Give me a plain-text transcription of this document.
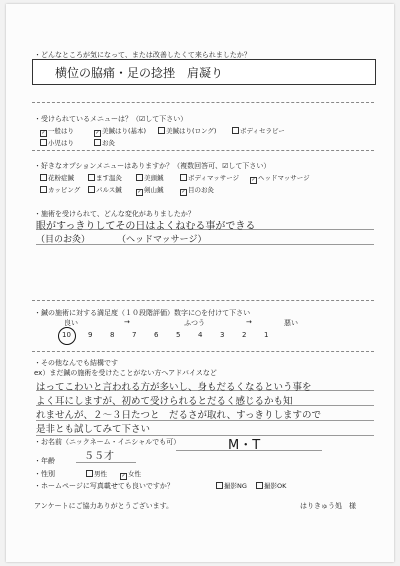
・どんなところが気になって、または改善したくて来られましたか？
横位の脇痛・足の捻挫　肩凝り
・受けられているメニューは？（☑して下さい）
✓ 一般はり	✓ 美鍼はり(基本)	美鍼はり(ロング)	ボディセラピー
小児はり	お灸
・好きなオプションメニューはありますか？（複数回答可、☑して下さい）
花粉症鍼	ます温灸	美頭鍼	ボディマッサージ ✓ ヘッドマッサージ
カッピング	パルス鍼	✓ 剣山鍼	✓ 目のお灸
・施術を受けられて、どんな変化がありましたか？
眼がすっきりしてその日はよくねむる事ができる
（目のお灸）　　　　（ヘッドマッサージ）
・鍼の施術に対する満足度（１０段階評価）数字に○を付けて下さい
良い	→	ふつう	→	悪い
10 9	8	7	6	5	4	3	2	1
・その他なんでも結構です
ex）まだ鍼の施術を受けたことがない方へアドバイスなど
はってこわいと言われる方が多いし、身もだるくなるという事を
よく耳にしますが、初めて受けられるとだるく感じるかも知
れませんが、２〜３日たつと　だるさが取れ、すっきりしますので
是非とも試してみて下さい
・お名前（ニックネーム・イニシャルでも可）	M・T
・年齢	５５才
・性別	男性	✓ 女性
・ホームページに写真載せても良いですか？	撮影NG	撮影OK
アンケートにご協力ありがとうございます。	はりきゅう処　様
